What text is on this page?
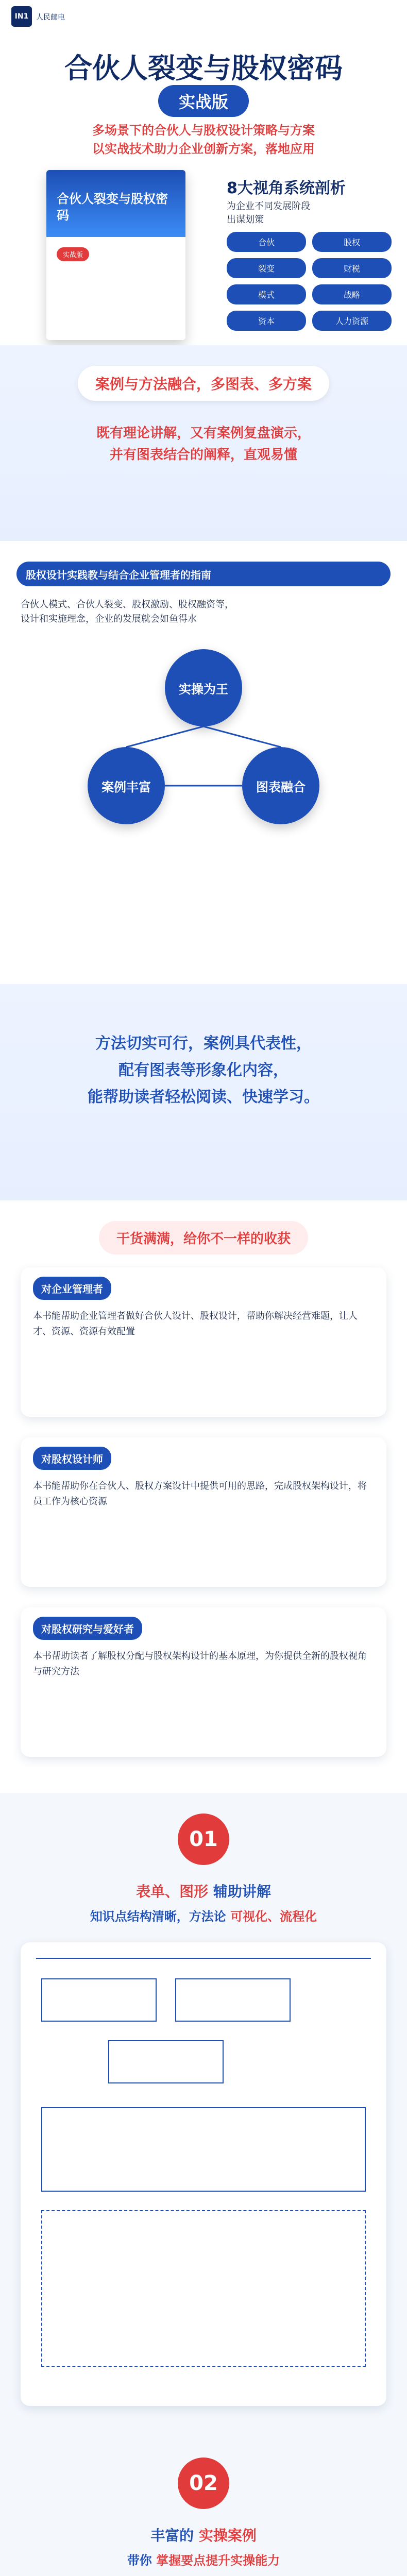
IN1 人民邮电
合伙人裂变与股权密码
实战版
多场景下的合伙人与股权设计策略与方案
以实战技术助力企业创新方案，落地应用
合伙人裂变与股权密码
实战版
8大视角系统剖析
为企业不同发展阶段
出谋划策
合伙	股权
裂变	财税
模式	战略
资本	人力资源
案例与方法融合，多图表、多方案
既有理论讲解，又有案例复盘演示，
并有图表结合的阐释，直观易懂
股权设计实践教与结合企业管理者的指南
合伙人模式、合伙人裂变、股权激励、股权融资等，
设计和实施理念，企业的发展就会如鱼得水
实操为王
案例丰富	图表融合
方法切实可行，案例具代表性，
配有图表等形象化内容，
能帮助读者轻松阅读、快速学习。
干货满满，给你不一样的收获
对企业管理者
本书能帮助企业管理者做好合伙人设计、股权设计，帮助你解决经营难题，让人才、资源、资源有效配置
对股权设计师
本书能帮助你在合伙人、股权方案设计中提供可用的思路，完成股权架构设计，将员工作为核心资源
对股权研究与爱好者
本书帮助读者了解股权分配与股权架构设计的基本原理，为你提供全新的股权视角与研究方法
01
表单、图形 辅助讲解
知识点结构清晰，方法论 可视化、流程化
02
丰富的 实操案例
带你 掌握要点提升实操能力
